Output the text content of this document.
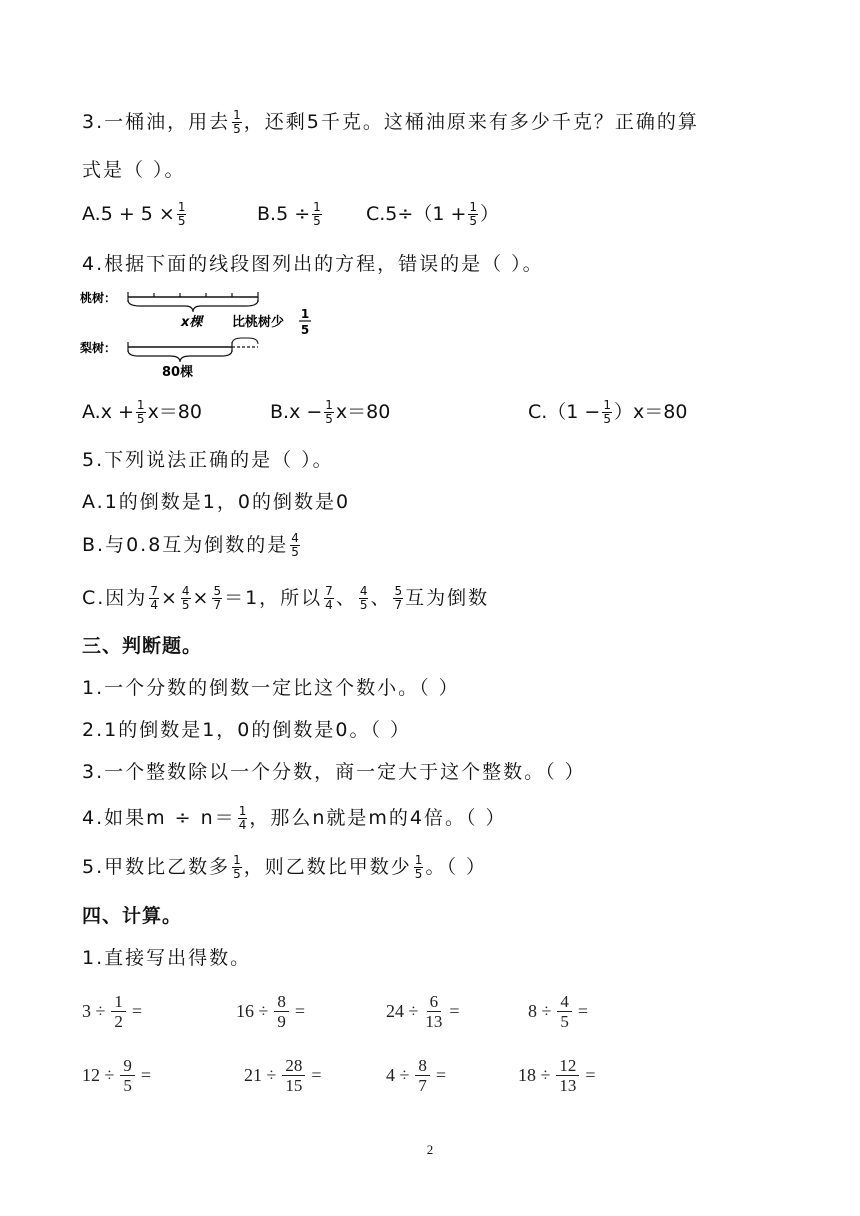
3.一桶油，用去 $\frac{1}{5}$ ，还剩5千克。这桶油原来有多少千克？正确的算
式是（ ）。
$A.5 + 5 \times \frac{1}{5}$	$B.5 \div \frac{1}{5} C.5\div(1 + \frac{1}{5}$ ）
4.根据下面的线段图列出的方程，错误的是（ ）。
桃树：
x棵 比桃树少
1
5
梨树：
80棵
$A.x + \frac{1}{5} x=80$	$B.x - \frac{1}{5} x=80$	$C.(1 - \frac{1}{5} )x=80$
5.下列说法正确的是（ ）。
A.1的倒数是1，0的倒数是0
B.与0.8互为倒数的是 $\frac{4}{5}$
C.因为 $\frac{7}{4} \times \frac{4}{5} \times \frac{5}{7} =1$，所以 $\frac{7}{4}$ 、 $\frac{4}{5}$ 、 $\frac{5}{7}$ 互为倒数
三、判断题。
1.一个分数的倒数一定比这个数小。（ ）
2.1的倒数是1，0的倒数是0。（ ）
3.一个整数除以一个分数，商一定大于这个整数。（ ）
4.如果$m \div n= \frac{1}{4}$ ，那么n就是m的4倍。（ ）
5.甲数比乙数多 $\frac{1}{5}$ ，则乙数比甲数少 $\frac{1}{5}$ 。（ ）
四、计算。
1.直接写出得数。
$3 \div \frac{1}{2}$ =	$16 \div \frac{8}{9}$ =	$24 \div \frac{6}{13}$ =	$8 \div \frac{4}{5}$ =
$12 \div \frac{9}{5}$ =	$21 \div \frac{28}{15}$ =	$4 \div \frac{8}{7}$ =	$18 \div \frac{12}{13}$ =
2
